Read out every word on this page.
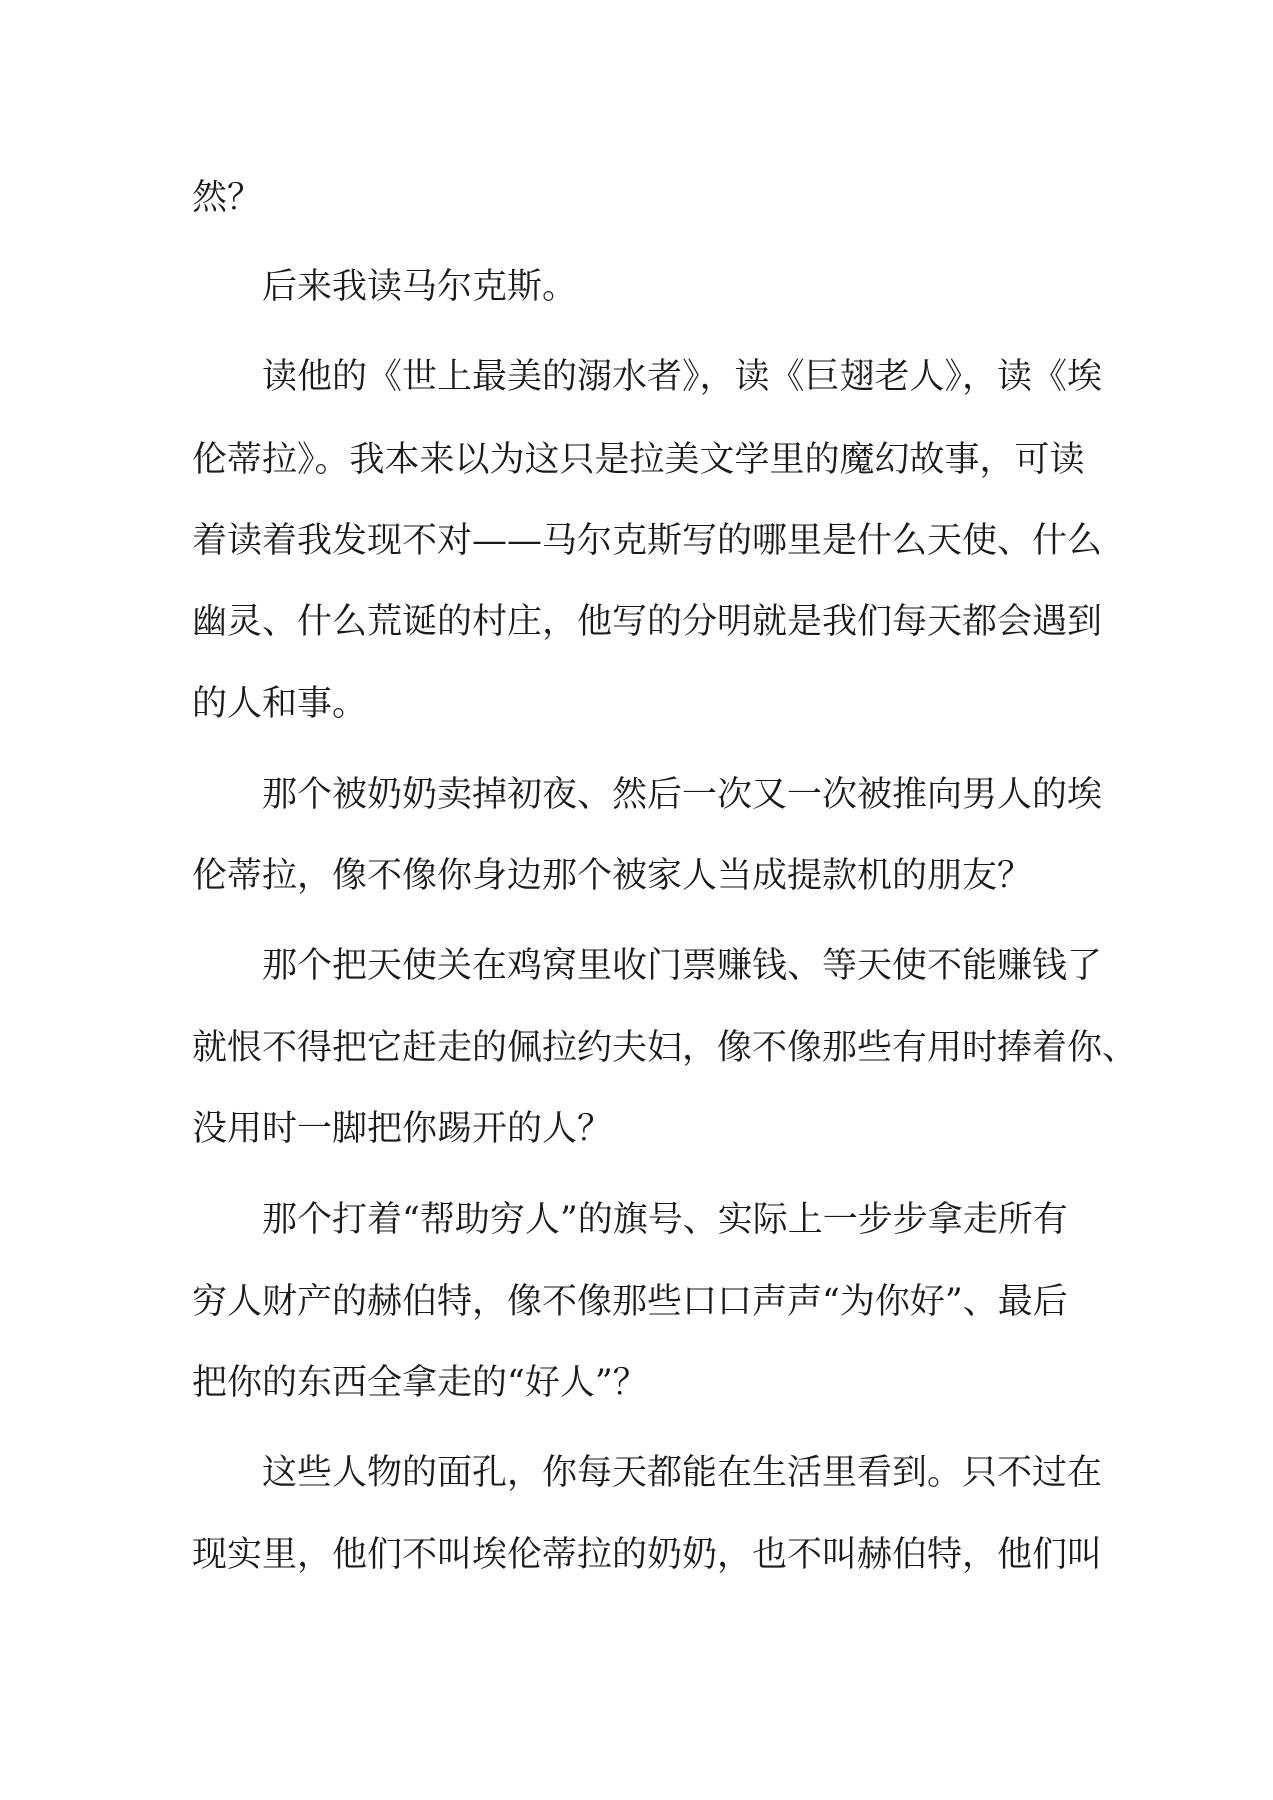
然？

后来我读马尔克斯。

读他的《世上最美的溺水者》，读《巨翅老人》，读《埃

伦蒂拉》。我本来以为这只是拉美文学里的魔幻故事，可读

着读着我发现不对——马尔克斯写的哪里是什么天使、什么

幽灵、什么荒诞的村庄，他写的分明就是我们每天都会遇到

的人和事。

那个被奶奶卖掉初夜、然后一次又一次被推向男人的埃

伦蒂拉，像不像你身边那个被家人当成提款机的朋友？

那个把天使关在鸡窝里收门票赚钱、等天使不能赚钱了

就恨不得把它赶走的佩拉约夫妇，像不像那些有用时捧着你、

没用时一脚把你踢开的人？

那个打着“帮助穷人”的旗号、实际上一步步拿走所有

穷人财产的赫伯特，像不像那些口口声声“为你好”、最后

把你的东西全拿走的“好人”？

这些人物的面孔，你每天都能在生活里看到。只不过在

现实里，他们不叫埃伦蒂拉的奶奶，也不叫赫伯特，他们叫
